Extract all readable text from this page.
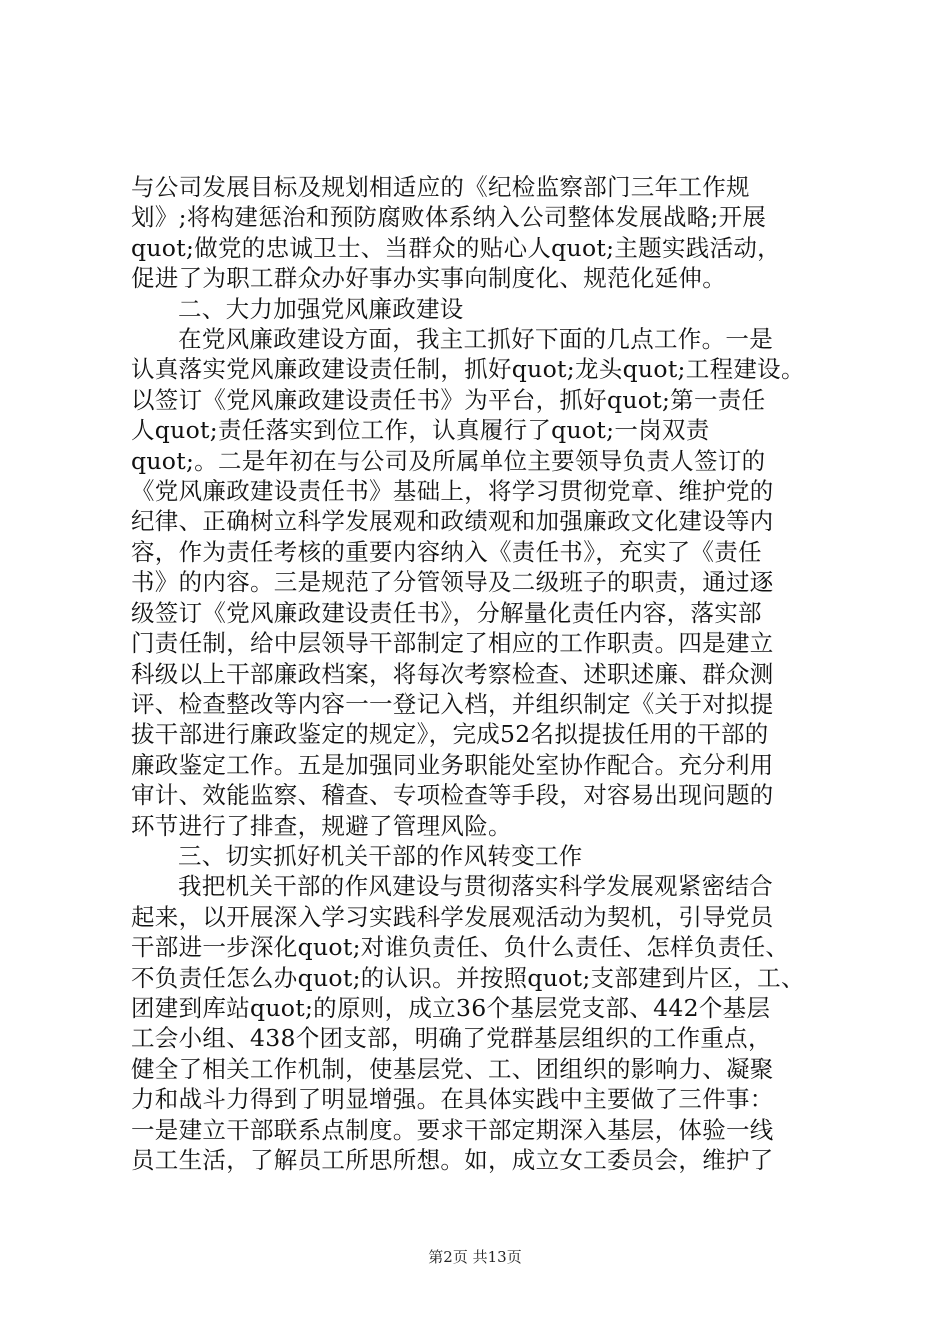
与公司发展目标及规划相适应的《纪检监察部门三年工作规
划》;将构建惩治和预防腐败体系纳入公司整体发展战略;开展
quot;做党的忠诚卫士、当群众的贴心人quot;主题实践活动，
促进了为职工群众办好事办实事向制度化、规范化延伸。
二、大力加强党风廉政建设
在党风廉政建设方面，我主工抓好下面的几点工作。一是
认真落实党风廉政建设责任制，抓好quot;龙头quot;工程建设。
以签订《党风廉政建设责任书》为平台，抓好quot;第一责任
人quot;责任落实到位工作，认真履行了quot;一岗双责
quot;。二是年初在与公司及所属单位主要领导负责人签订的
《党风廉政建设责任书》基础上，将学习贯彻党章、维护党的
纪律、正确树立科学发展观和政绩观和加强廉政文化建设等内
容，作为责任考核的重要内容纳入《责任书》，充实了《责任
书》的内容。三是规范了分管领导及二级班子的职责，通过逐
级签订《党风廉政建设责任书》，分解量化责任内容，落实部
门责任制，给中层领导干部制定了相应的工作职责。四是建立
科级以上干部廉政档案，将每次考察检查、述职述廉、群众测
评、检查整改等内容一一登记入档，并组织制定《关于对拟提
拔干部进行廉政鉴定的规定》，完成52名拟提拔任用的干部的
廉政鉴定工作。五是加强同业务职能处室协作配合。充分利用
审计、效能监察、稽查、专项检查等手段，对容易出现问题的
环节进行了排查，规避了管理风险。
三、切实抓好机关干部的作风转变工作
我把机关干部的作风建设与贯彻落实科学发展观紧密结合
起来，以开展深入学习实践科学发展观活动为契机，引导党员
干部进一步深化quot;对谁负责任、负什么责任、怎样负责任、
不负责任怎么办quot;的认识。并按照quot;支部建到片区，工、
团建到库站quot;的原则，成立36个基层党支部、442个基层
工会小组、438个团支部，明确了党群基层组织的工作重点，
健全了相关工作机制，使基层党、工、团组织的影响力、凝聚
力和战斗力得到了明显增强。在具体实践中主要做了三件事：
一是建立干部联系点制度。要求干部定期深入基层，体验一线
员工生活，了解员工所思所想。如，成立女工委员会，维护了
第2页 共13页
